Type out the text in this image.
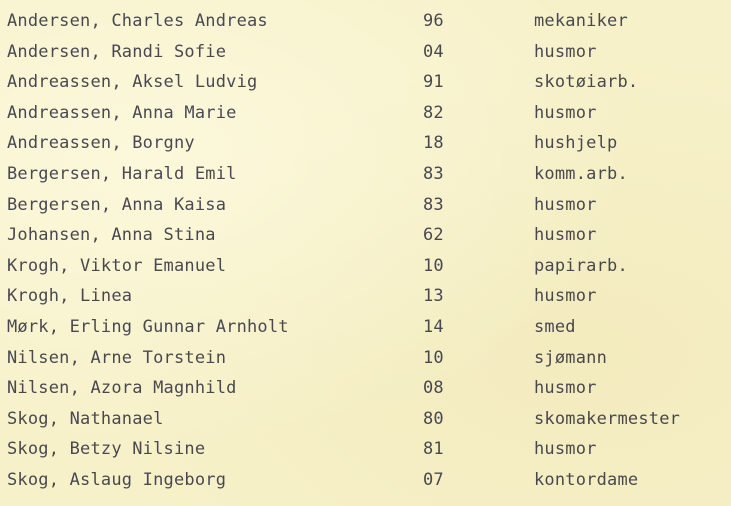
Andersen, Charles Andreas	96	mekaniker
Andersen, Randi Sofie	04	husmor
Andreassen, Aksel Ludvig	91	skotøiarb.
Andreassen, Anna Marie	82	husmor
Andreassen, Borgny	18	hushjelp
Bergersen, Harald Emil	83	komm.arb.
Bergersen, Anna Kaisa	83	husmor
Johansen, Anna Stina	62	husmor
Krogh, Viktor Emanuel	10	papirarb.
Krogh, Linea	13	husmor
Mørk, Erling Gunnar Arnholt	14	smed
Nilsen, Arne Torstein	10	sjømann
Nilsen, Azora Magnhild	08	husmor
Skog, Nathanael	80	skomakermester
Skog, Betzy Nilsine	81	husmor
Skog, Aslaug Ingeborg	07	kontordame
